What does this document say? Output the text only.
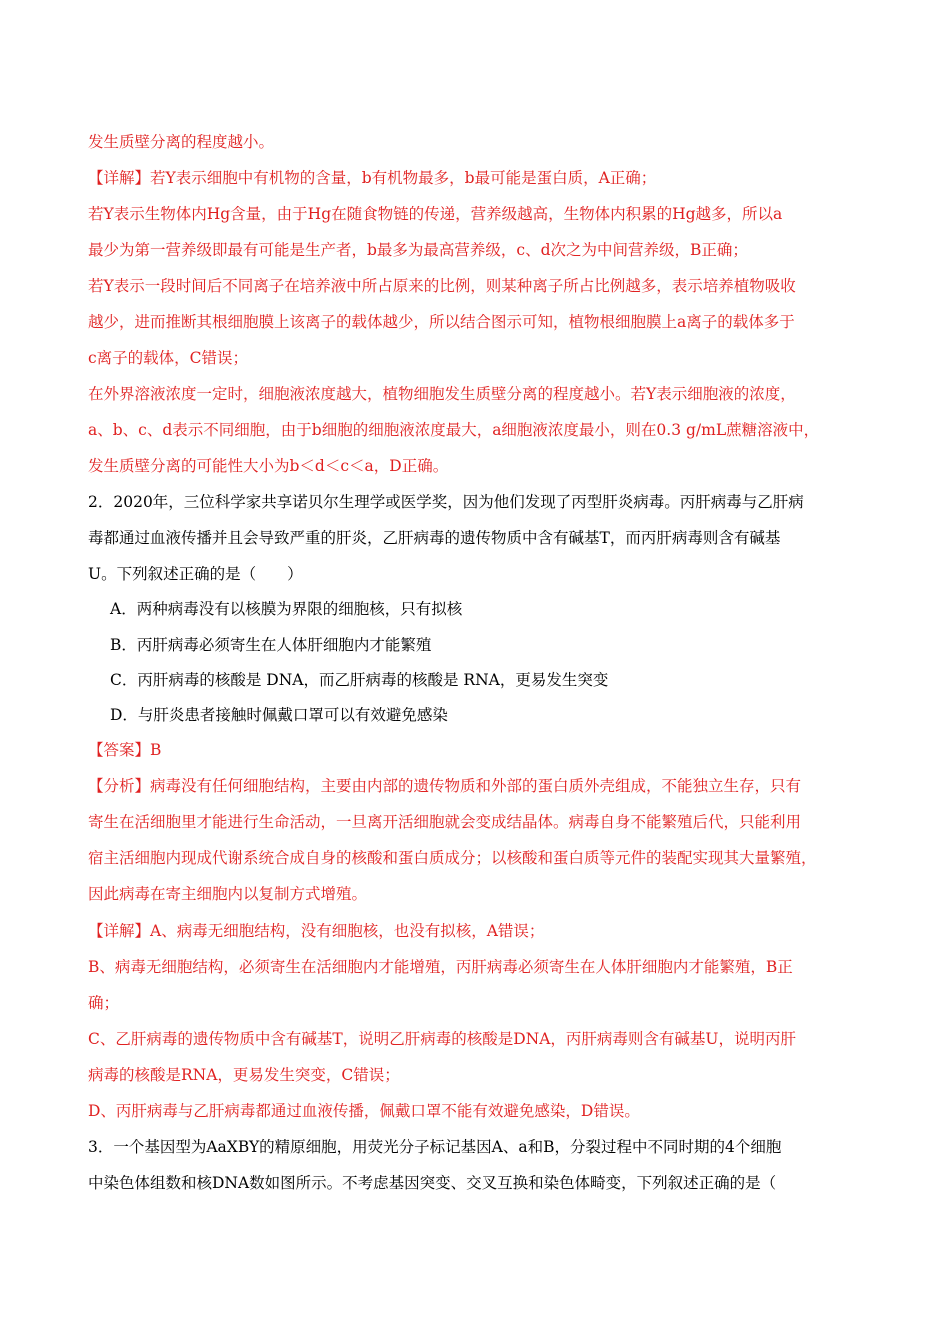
发生质壁分离的程度越小。
【详解】若Y表示细胞中有机物的含量，b有机物最多，b最可能是蛋白质，A正确；
若Y表示生物体内Hg含量，由于Hg在随食物链的传递，营养级越高，生物体内积累的Hg越多，所以a
最少为第一营养级即最有可能是生产者，b最多为最高营养级，c、d次之为中间营养级，B正确；
若Y表示一段时间后不同离子在培养液中所占原来的比例，则某种离子所占比例越多，表示培养植物吸收
越少，进而推断其根细胞膜上该离子的载体越少，所以结合图示可知，植物根细胞膜上a离子的载体多于
c离子的载体，C错误；
在外界溶液浓度一定时，细胞液浓度越大，植物细胞发生质壁分离的程度越小。若Y表示细胞液的浓度，
a、b、c、d表示不同细胞，由于b细胞的细胞液浓度最大，a细胞液浓度最小，则在0.3 g/mL蔗糖溶液中，
发生质壁分离的可能性大小为b＜d＜c＜a，D正确。
2．2020年，三位科学家共享诺贝尔生理学或医学奖，因为他们发现了丙型肝炎病毒。丙肝病毒与乙肝病
毒都通过血液传播并且会导致严重的肝炎，乙肝病毒的遗传物质中含有碱基T，而丙肝病毒则含有碱基
U。下列叙述正确的是（　　）
A．两种病毒没有以核膜为界限的细胞核，只有拟核
B．丙肝病毒必须寄生在人体肝细胞内才能繁殖
C．丙肝病毒的核酸是 DNA，而乙肝病毒的核酸是 RNA，更易发生突变
D．与肝炎患者接触时佩戴口罩可以有效避免感染
【答案】B
【分析】病毒没有任何细胞结构，主要由内部的遗传物质和外部的蛋白质外壳组成，不能独立生存，只有
寄生在活细胞里才能进行生命活动，一旦离开活细胞就会变成结晶体。病毒自身不能繁殖后代，只能利用
宿主活细胞内现成代谢系统合成自身的核酸和蛋白质成分；以核酸和蛋白质等元件的装配实现其大量繁殖，
因此病毒在寄主细胞内以复制方式增殖。
【详解】A、病毒无细胞结构，没有细胞核，也没有拟核，A错误；
B、病毒无细胞结构，必须寄生在活细胞内才能增殖，丙肝病毒必须寄生在人体肝细胞内才能繁殖，B正
确；
C、乙肝病毒的遗传物质中含有碱基T，说明乙肝病毒的核酸是DNA，丙肝病毒则含有碱基U，说明丙肝
病毒的核酸是RNA，更易发生突变，C错误；
D、丙肝病毒与乙肝病毒都通过血液传播，佩戴口罩不能有效避免感染，D错误。
3．一个基因型为AaXBY的精原细胞，用荧光分子标记基因A、a和B，分裂过程中不同时期的4个细胞
中染色体组数和核DNA数如图所示。不考虑基因突变、交叉互换和染色体畸变，下列叙述正确的是（
